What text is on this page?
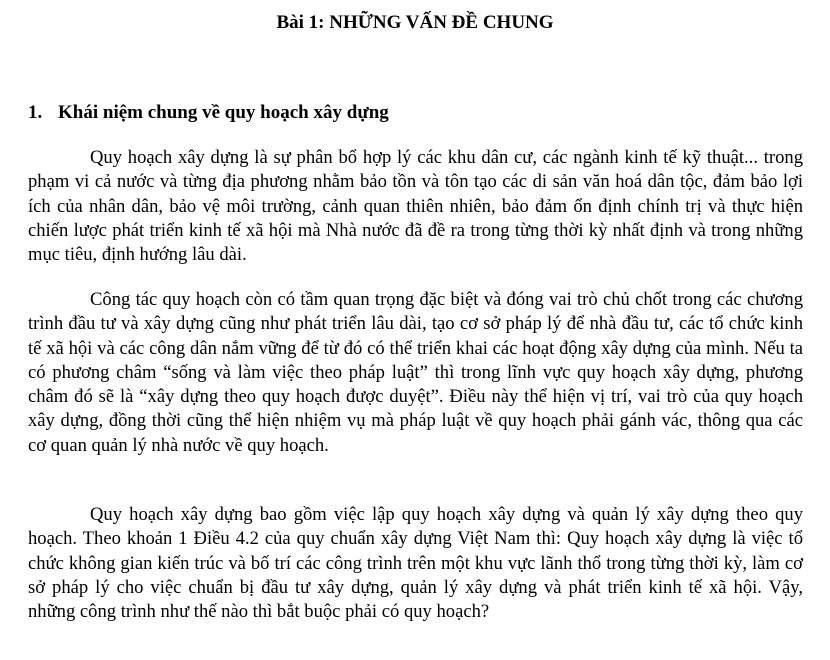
Bài 1: NHỮNG VẤN ĐỀ CHUNG
1. Khái niệm chung về quy hoạch xây dựng

Quy hoạch xây dựng là sự phân bổ hợp lý các khu dân cư, các ngành kinh tế kỹ thuật... trong phạm vi cả nước và từng địa phương nhằm bảo tồn và tôn tạo các di sản văn hoá dân tộc, đảm bảo lợi ích của nhân dân, bảo vệ môi trường, cảnh quan thiên nhiên, bảo đảm ổn định chính trị và thực hiện chiến lược phát triển kinh tế xã hội mà Nhà nước đã đề ra trong từng thời kỳ nhất định và trong những mục tiêu, định hướng lâu dài.

Công tác quy hoạch còn có tầm quan trọng đặc biệt và đóng vai trò chủ chốt trong các chương trình đầu tư và xây dựng cũng như phát triển lâu dài, tạo cơ sở pháp lý để nhà đầu tư, các tổ chức kinh tế xã hội và các công dân nắm vững để từ đó có thể triển khai các hoạt động xây dựng của mình. Nếu ta có phương châm “sống và làm việc theo pháp luật” thì trong lĩnh vực quy hoạch xây dựng, phương châm đó sẽ là “xây dựng theo quy hoạch được duyệt”. Điều này thể hiện vị trí, vai trò của quy hoạch xây dựng, đồng thời cũng thể hiện nhiệm vụ mà pháp luật về quy hoạch phải gánh vác, thông qua các cơ quan quản lý nhà nước về quy hoạch.

Quy hoạch xây dựng bao gồm việc lập quy hoạch xây dựng và quản lý xây dựng theo quy hoạch. Theo khoản 1 Điều 4.2 của quy chuẩn xây dựng Việt Nam thì: Quy hoạch xây dựng là việc tổ chức không gian kiến trúc và bố trí các công trình trên một khu vực lãnh thổ trong từng thời kỳ, làm cơ sở pháp lý cho việc chuẩn bị đầu tư xây dựng, quản lý xây dựng và phát triển kinh tế xã hội. Vậy, những công trình như thế nào thì bắt buộc phải có quy hoạch?
